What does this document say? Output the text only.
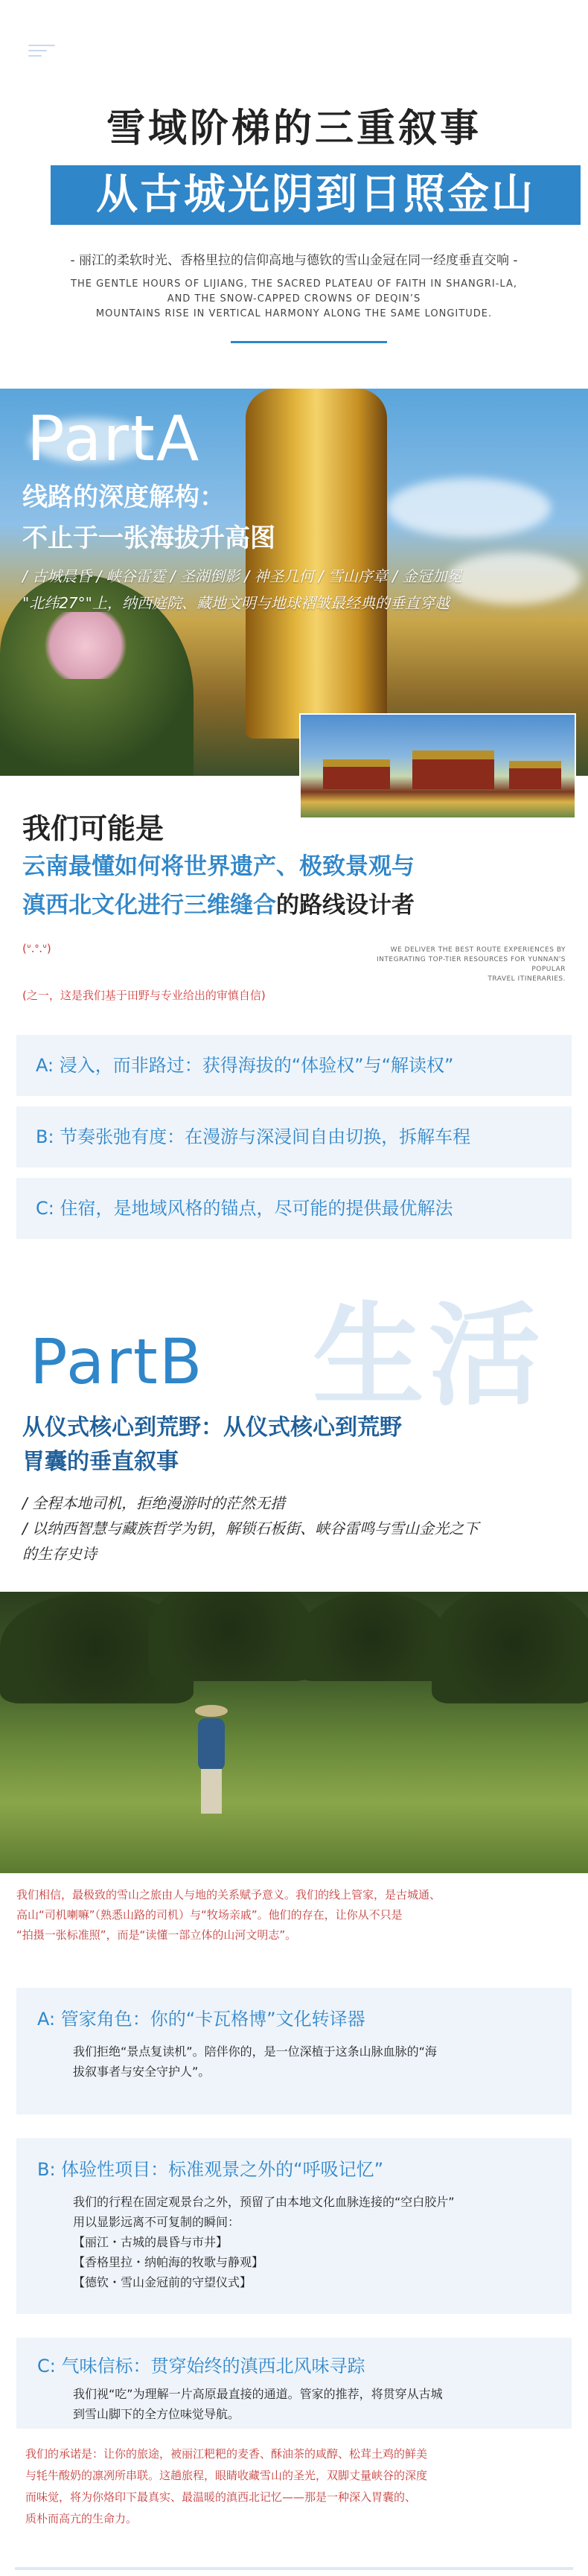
雪域阶梯的三重叙事
从古城光阴到日照金山
- 丽江的柔软时光、香格里拉的信仰高地与德钦的雪山金冠在同一经度垂直交响 -
THE GENTLE HOURS OF LIJIANG, THE SACRED PLATEAU OF FAITH IN SHANGRI-LA,
AND THE SNOW-CAPPED CROWNS OF DEQIN’S
MOUNTAINS RISE IN VERTICAL HARMONY ALONG THE SAME LONGITUDE.
PartA
线路的深度解构：
不止于一张海拔升高图
/ 古城晨昏 / 峡谷雷霆 / 圣湖倒影 / 神圣几何 / 雪山序章 / 金冠加冕
"北纬27°"上，纳西庭院、藏地文明与地球褶皱最经典的垂直穿越
我们可能是
云南最懂如何将世界遗产、极致景观与
滇西北文化进行三维缝合的路线设计者
(ᐡ.ᐤ.ᐡ)	WE DELIVER THE BEST ROUTE EXPERIENCES BY
INTEGRATING TOP-TIER RESOURCES FOR YUNNAN'S POPULAR
TRAVEL ITINERARIES.
(之一，这是我们基于田野与专业给出的审慎自信)
A: 浸入，而非路过：获得海拔的“体验权”与“解读权”
B: 节奏张弛有度：在漫游与深浸间自由切换，拆解车程
C: 住宿，是地域风格的锚点，尽可能的提供最优解法
生活
PartB
从仪式核心到荒野：从仪式核心到荒野
胃囊的垂直叙事
/ 全程本地司机，拒绝漫游时的茫然无措
/ 以纳西智慧与藏族哲学为钥，解锁石板街、峡谷雷鸣与雪山金光之下
的生存史诗
我们相信，最极致的雪山之旅由人与地的关系赋予意义。我们的线上管家，是古城通、
高山“司机喇嘛”（熟悉山路的司机）与“牧场亲戚”。他们的存在，让你从不只是
“拍摄一张标准照”，而是“读懂一部立体的山河文明志”。
A: 管家角色：你的“卡瓦格博”文化转译器
我们拒绝“景点复读机”。陪伴你的，是一位深植于这条山脉血脉的“海
拔叙事者与安全守护人”。
B: 体验性项目：标准观景之外的“呼吸记忆”
我们的行程在固定观景台之外，预留了由本地文化血脉连接的“空白胶片”
用以显影远离不可复制的瞬间：
【丽江・古城的晨昏与市井】
【香格里拉・纳帕海的牧歌与静观】
【德钦・雪山金冠前的守望仪式】
C: 气味信标：贯穿始终的滇西北风味寻踪
我们视“吃”为理解一片高原最直接的通道。管家的推荐，将贯穿从古城
到雪山脚下的全方位味觉导航。
我们的承诺是：让你的旅途，被丽江粑粑的麦香、酥油茶的咸醇、松茸土鸡的鲜美
与牦牛酸奶的凛冽所串联。这趟旅程，眼睛收藏雪山的圣光，双脚丈量峡谷的深度
而味觉，将为你烙印下最真实、最温暖的滇西北记忆——那是一种深入胃囊的、
质朴而高亢的生命力。
